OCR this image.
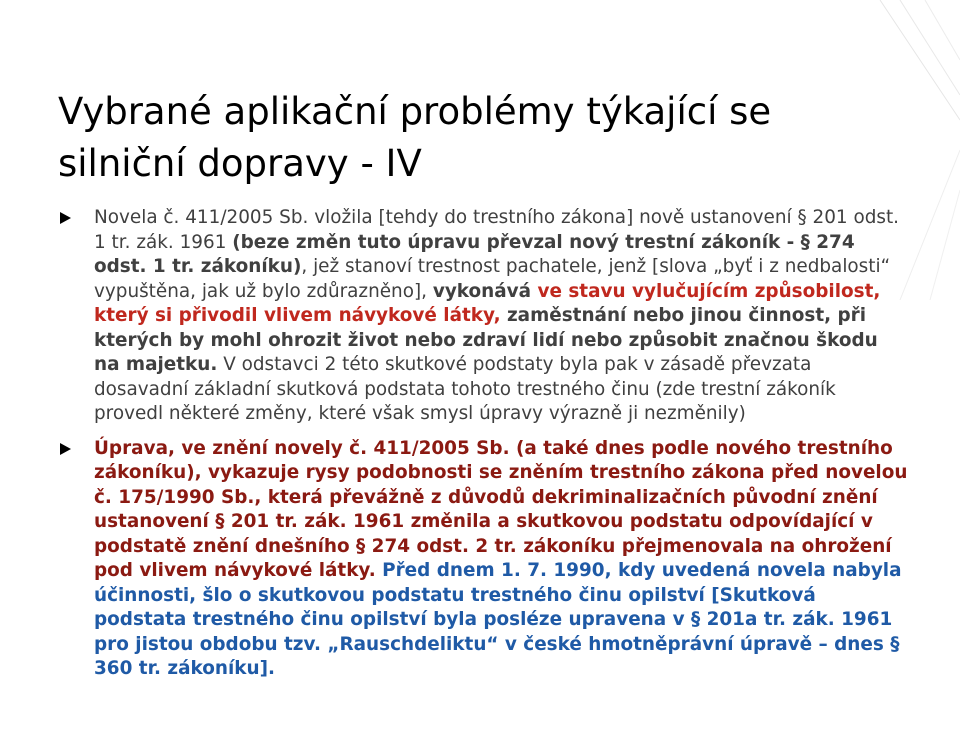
Vybrané aplikační problémy týkající se silniční dopravy - IV
Novela č. 411/2005 Sb. vložila [tehdy do trestního zákona] nově ustanovení § 201 odst. 1 tr. zák. 1961 (beze změn tuto úpravu převzal nový trestní zákoník - § 274 odst. 1 tr. zákoníku), jež stanoví trestnost pachatele, jenž [slova „byť i z nedbalosti“ vypuštěna, jak už bylo zdůrazněno], vykonává ve stavu vylučujícím způsobilost, který si přivodil vlivem návykové látky, zaměstnání nebo jinou činnost, při kterých by mohl ohrozit život nebo zdraví lidí nebo způsobit značnou škodu na majetku. V odstavci 2 této skutkové podstaty byla pak v zásadě převzata dosavadní základní skutková podstata tohoto trestného činu (zde trestní zákoník provedl některé změny, které však smysl úpravy výrazně ji nezměnily)
Úprava, ve znění novely č. 411/2005 Sb. (a také dnes podle nového trestního zákoníku), vykazuje rysy podobnosti se zněním trestního zákona před novelou č. 175/1990 Sb., která převážně z důvodů dekriminalizačních původní znění ustanovení § 201 tr. zák. 1961 změnila a skutkovou podstatu odpovídající v podstatě znění dnešního § 274 odst. 2 tr. zákoníku přejmenovala na ohrožení pod vlivem návykové látky. Před dnem 1. 7. 1990, kdy uvedená novela nabyla účinnosti, šlo o skutkovou podstatu trestného činu opilství [Skutková podstata trestného činu opilství byla posléze upravena v § 201a tr. zák. 1961 pro jistou obdobu tzv. „Rauschdeliktu“ v české hmotněprávní úpravě – dnes § 360 tr. zákoníku].
